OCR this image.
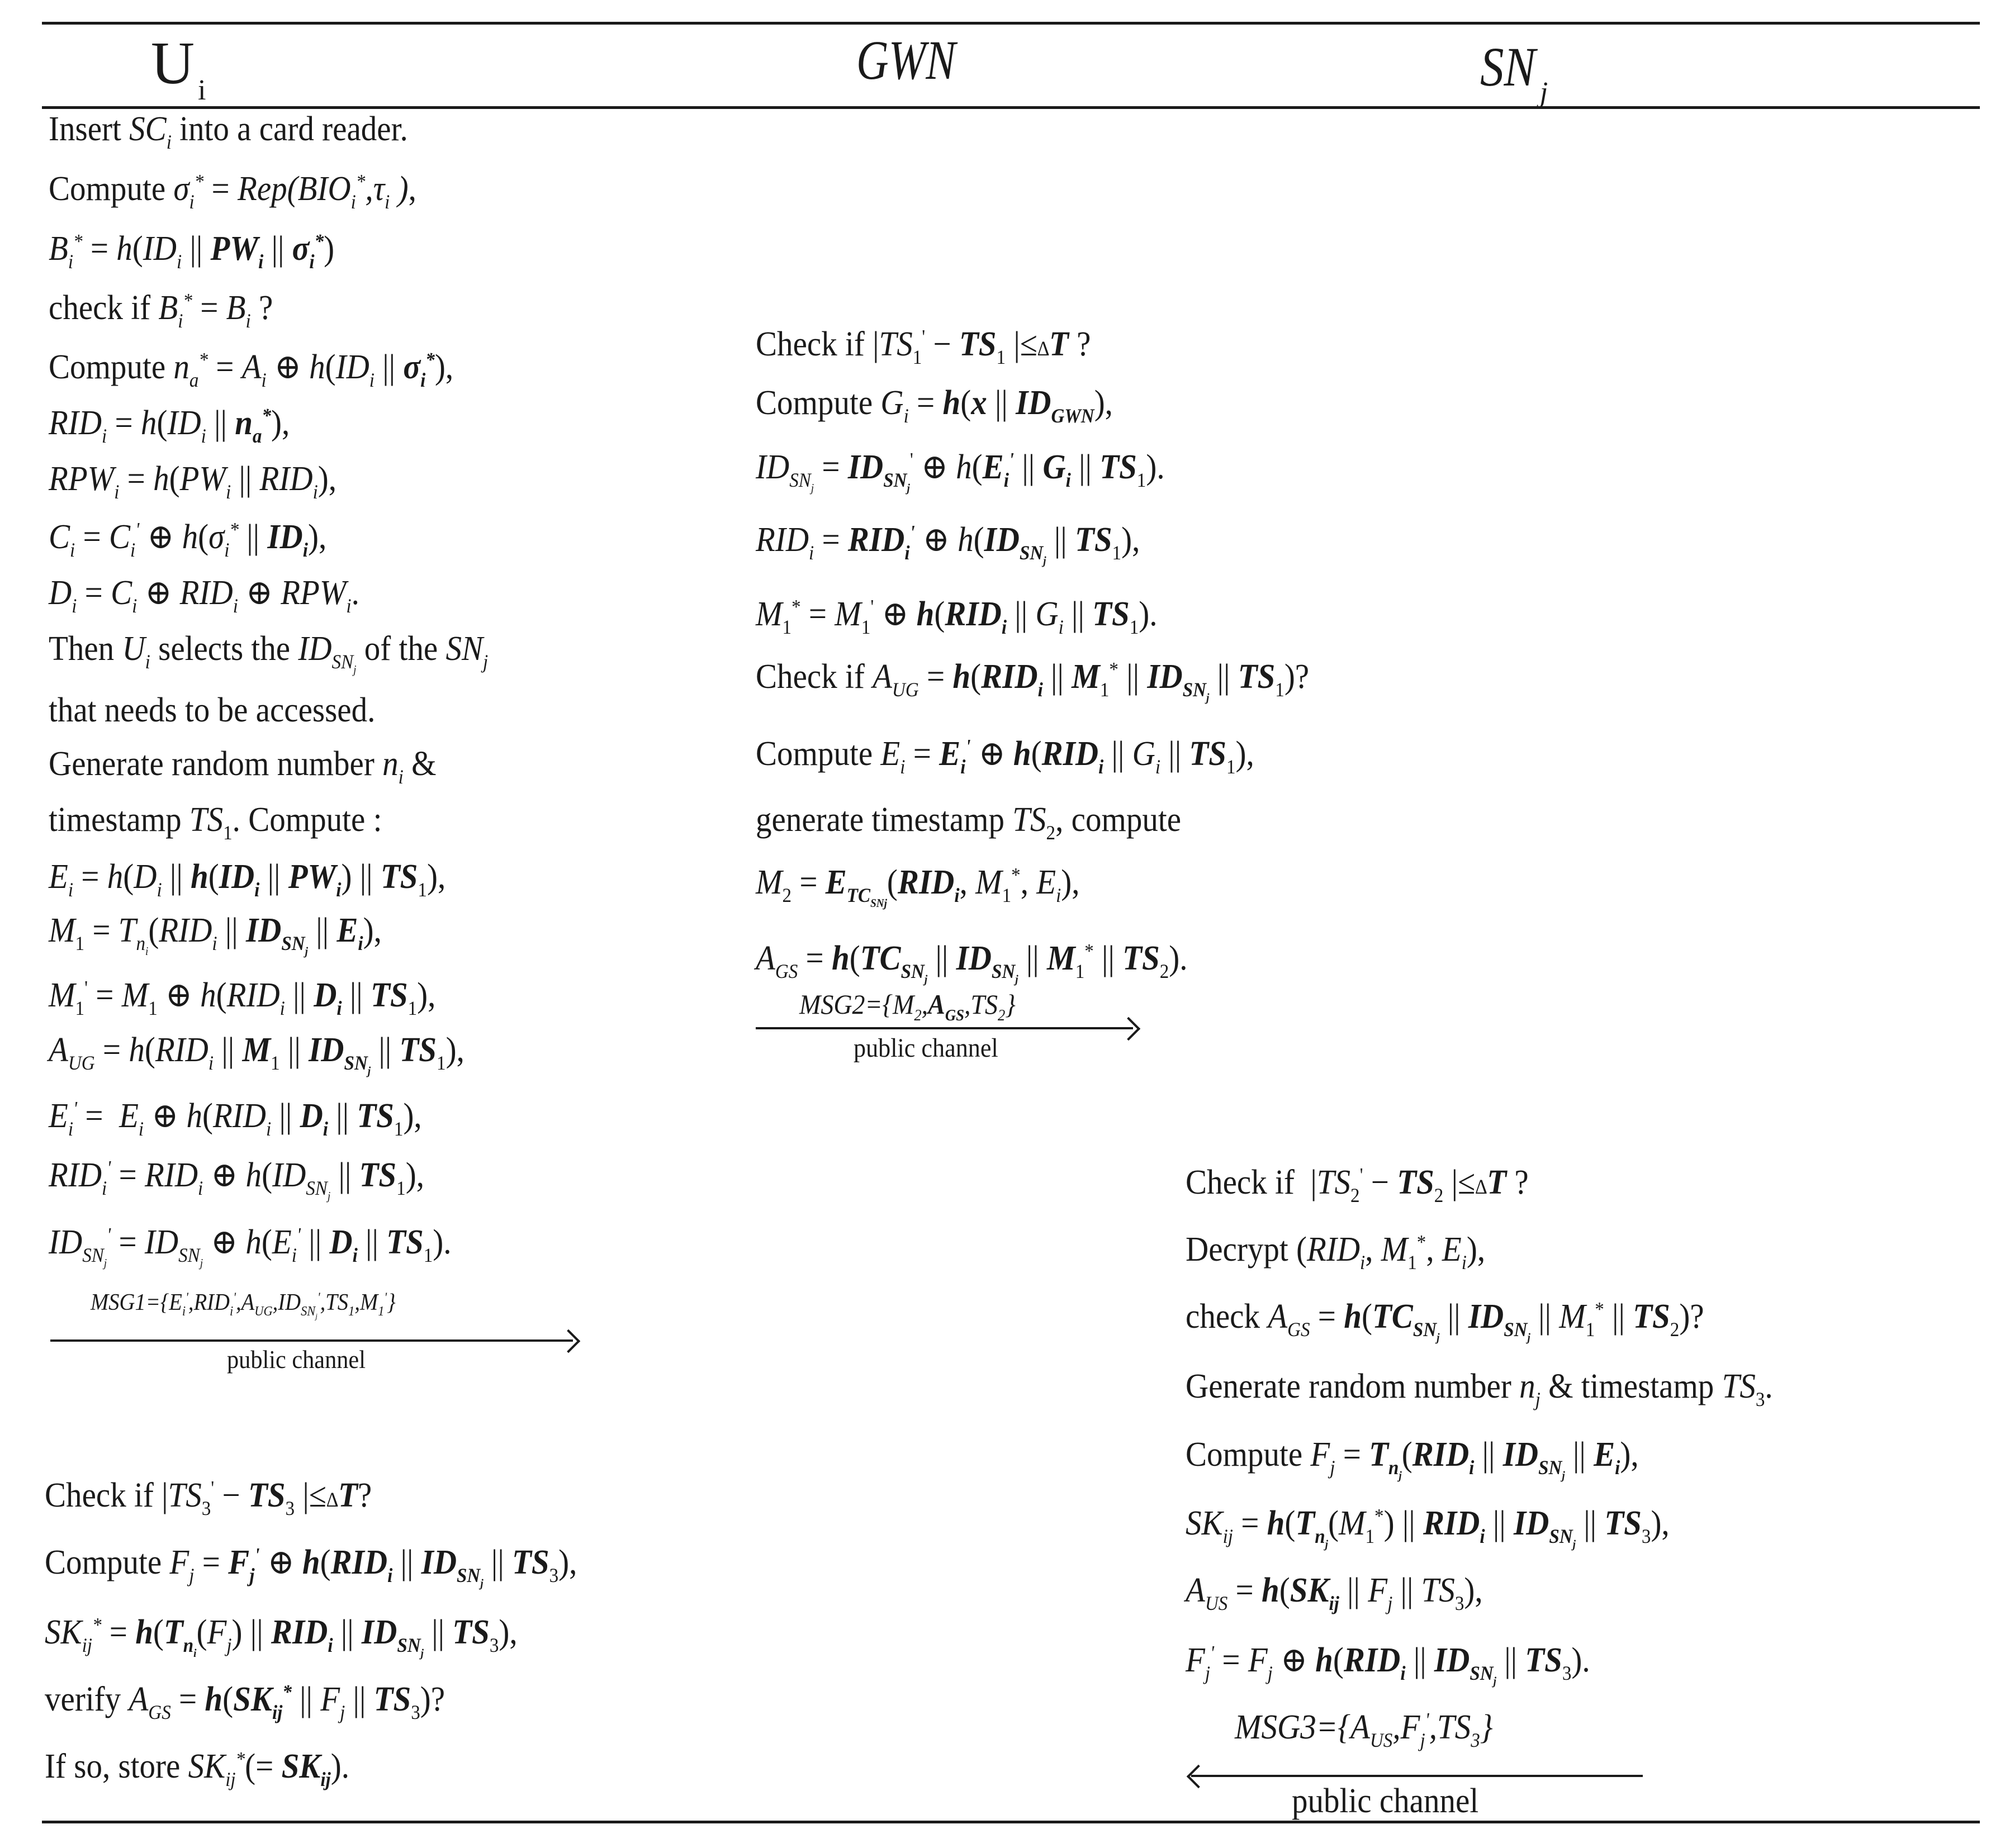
U $_i$	GWN	SN $_j$
Insert $SC_i$ into a card reader.
Compute $\sigma_i^* = Rep(BIO_i^*,\tau_i$ ),
$B_i^* = h(ID_i$ || $PW_i$ || $\sigma_i^*$)
check if $B_i^* = B_i$ ?
Compute $n_a^* = A_i$ ⊕ $h(ID_i$ || $\sigma_i^*$),
$RID_i = h(ID_i$ || $n_a^*$),
$RPW_i = h(PW_i$ || $RID_i$),
$C_i = C_i'$ ⊕ $h(\sigma_i^*$ || $ID_i$),
$D_i = C_i$ ⊕ $RID_i$ ⊕ $RPW_i$.
Then $U_i$ selects the $ID_{SN_j}$ of the $SN_j$
that needs to be accessed.
Generate random number $n_i$ &
timestamp $TS_1$. Compute :
$E_i = h(D_i$ || $h(ID_i$ || $PW_i$) || $TS_1$),
$M_1 = T_{n_i}(RID_i$ || $ID_{SN_j}$ || $E_i$),
$M_1' = M_1$ ⊕ $h(RID_i$ || $D_i$ || $TS_1$),
$A_{UG} = h(RID_i$ || $M_1$ || $ID_{SN_j}$ || $TS_1$),
$E_i' = E_i$ ⊕ $h(RID_i$ || $D_i$ || $TS_1$),
$RID_i' = RID_i$ ⊕ $h(ID_{SN_j}$ || $TS_1$),
$ID_{SN_j}' = ID_{SN_j}$ ⊕ $h(E_i'$ || $D_i$ || $TS_1$).
$MSG1=\{E_i',RID_i',A_{UG},ID_{SN_j}',TS_1,M_1'\}$
public channel
Check if $|TS_1' - TS_1$ |≤∆T ?
Compute $G_i = h(x$ || $ID_{GWN}$),
$ID_{SN_j} = ID_{SN_j}'$ ⊕ $h(E_i'$ || $G_i$ || $TS_1$).
$RID_i = RID_i'$ ⊕ $h(ID_{SN_j}$ || $TS_1$),
$M_1^* = M_1'$ ⊕ $h(RID_i$ || $G_i$ || $TS_1$).
Check if $A_{UG} = h(RID_i$ || $M_1^*$ || $ID_{SN_j}$ || $TS_1$)?
Compute $E_i = E_i'$ ⊕ $h(RID_i$ || $G_i$ || $TS_1$),
generate timestamp $TS_2$, compute
$M_2 = E_{TC_{SNj}}(RID_i$, $M_1^*$, $E_i$),
$A_{GS} = h(TC_{SN_j}$ || $ID_{SN_j}$ || $M_1^*$ || $TS_2$).
$MSG2=\{M_2,A_{GS},TS_2\}$
public channel
Check if  $|TS_2' - TS_2$ |≤∆T ?
Decrypt ($RID_i$, $M_1^*$, $E_i$),
check $A_{GS} = h(TC_{SN_j}$ || $ID_{SN_j}$ || $M_1^*$ || $TS_2$)?
Generate random number $n_j$ & timestamp $TS_3$.
Compute $F_j = T_{n_j}(RID_i$ || $ID_{SN_j}$ || $E_i$),
$SK_{ij} = h(T_{n_j}(M_1^*)$ || $RID_i$ || $ID_{SN_j}$ || $TS_3$),
$A_{US} = h(SK_{ij}$ || $F_j$ || $TS_3$),
$F_j' = F_j$ ⊕ $h(RID_i$ || $ID_{SN_j}$ || $TS_3$).
$MSG3=\{A_{US},F_j',TS_3\}$
public channel
Check if $|TS_3' - TS_3$ |≤∆T?
Compute $F_j = F_j'$ ⊕ $h(RID_i$ || $ID_{SN_j}$ || $TS_3$),
$SK_{ij}^* = h(T_{n_i}(F_j)$ || $RID_i$ || $ID_{SN_j}$ || $TS_3$),
verify $A_{GS} = h(SK_{ij}^*$ || $F_j$ || $TS_3$)?
If so, store $SK_{ij}^*(= SK_{ij})$.
